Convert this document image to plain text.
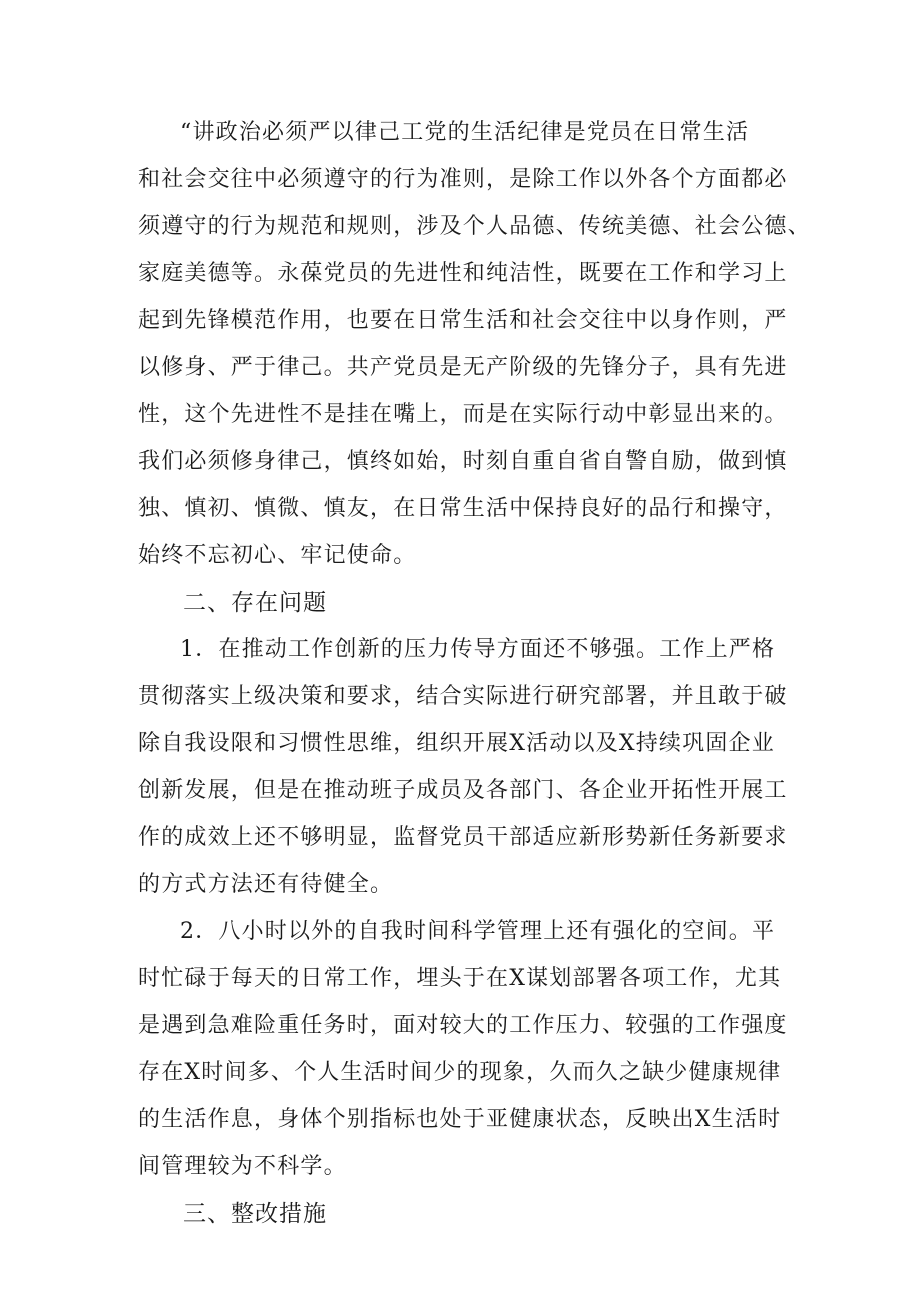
“讲政治必须严以律己工党的生活纪律是党员在日常生活
和社会交往中必须遵守的行为准则，是除工作以外各个方面都必
须遵守的行为规范和规则，涉及个人品德、传统美德、社会公德、
家庭美德等。永葆党员的先进性和纯洁性，既要在工作和学习上
起到先锋模范作用，也要在日常生活和社会交往中以身作则，严
以修身、严于律己。共产党员是无产阶级的先锋分子，具有先进
性，这个先进性不是挂在嘴上，而是在实际行动中彰显出来的。
我们必须修身律己，慎终如始，时刻自重自省自警自励，做到慎
独、慎初、慎微、慎友，在日常生活中保持良好的品行和操守，
始终不忘初心、牢记使命。
二、存在问题
1．在推动工作创新的压力传导方面还不够强。工作上严格
贯彻落实上级决策和要求，结合实际进行研究部署，并且敢于破
除自我设限和习惯性思维，组织开展X活动以及X持续巩固企业
创新发展，但是在推动班子成员及各部门、各企业开拓性开展工
作的成效上还不够明显，监督党员干部适应新形势新任务新要求
的方式方法还有待健全。
2．八小时以外的自我时间科学管理上还有强化的空间。平
时忙碌于每天的日常工作，埋头于在X谋划部署各项工作，尤其
是遇到急难险重任务时，面对较大的工作压力、较强的工作强度
存在X时间多、个人生活时间少的现象，久而久之缺少健康规律
的生活作息，身体个别指标也处于亚健康状态，反映出X生活时
间管理较为不科学。
三、整改措施
